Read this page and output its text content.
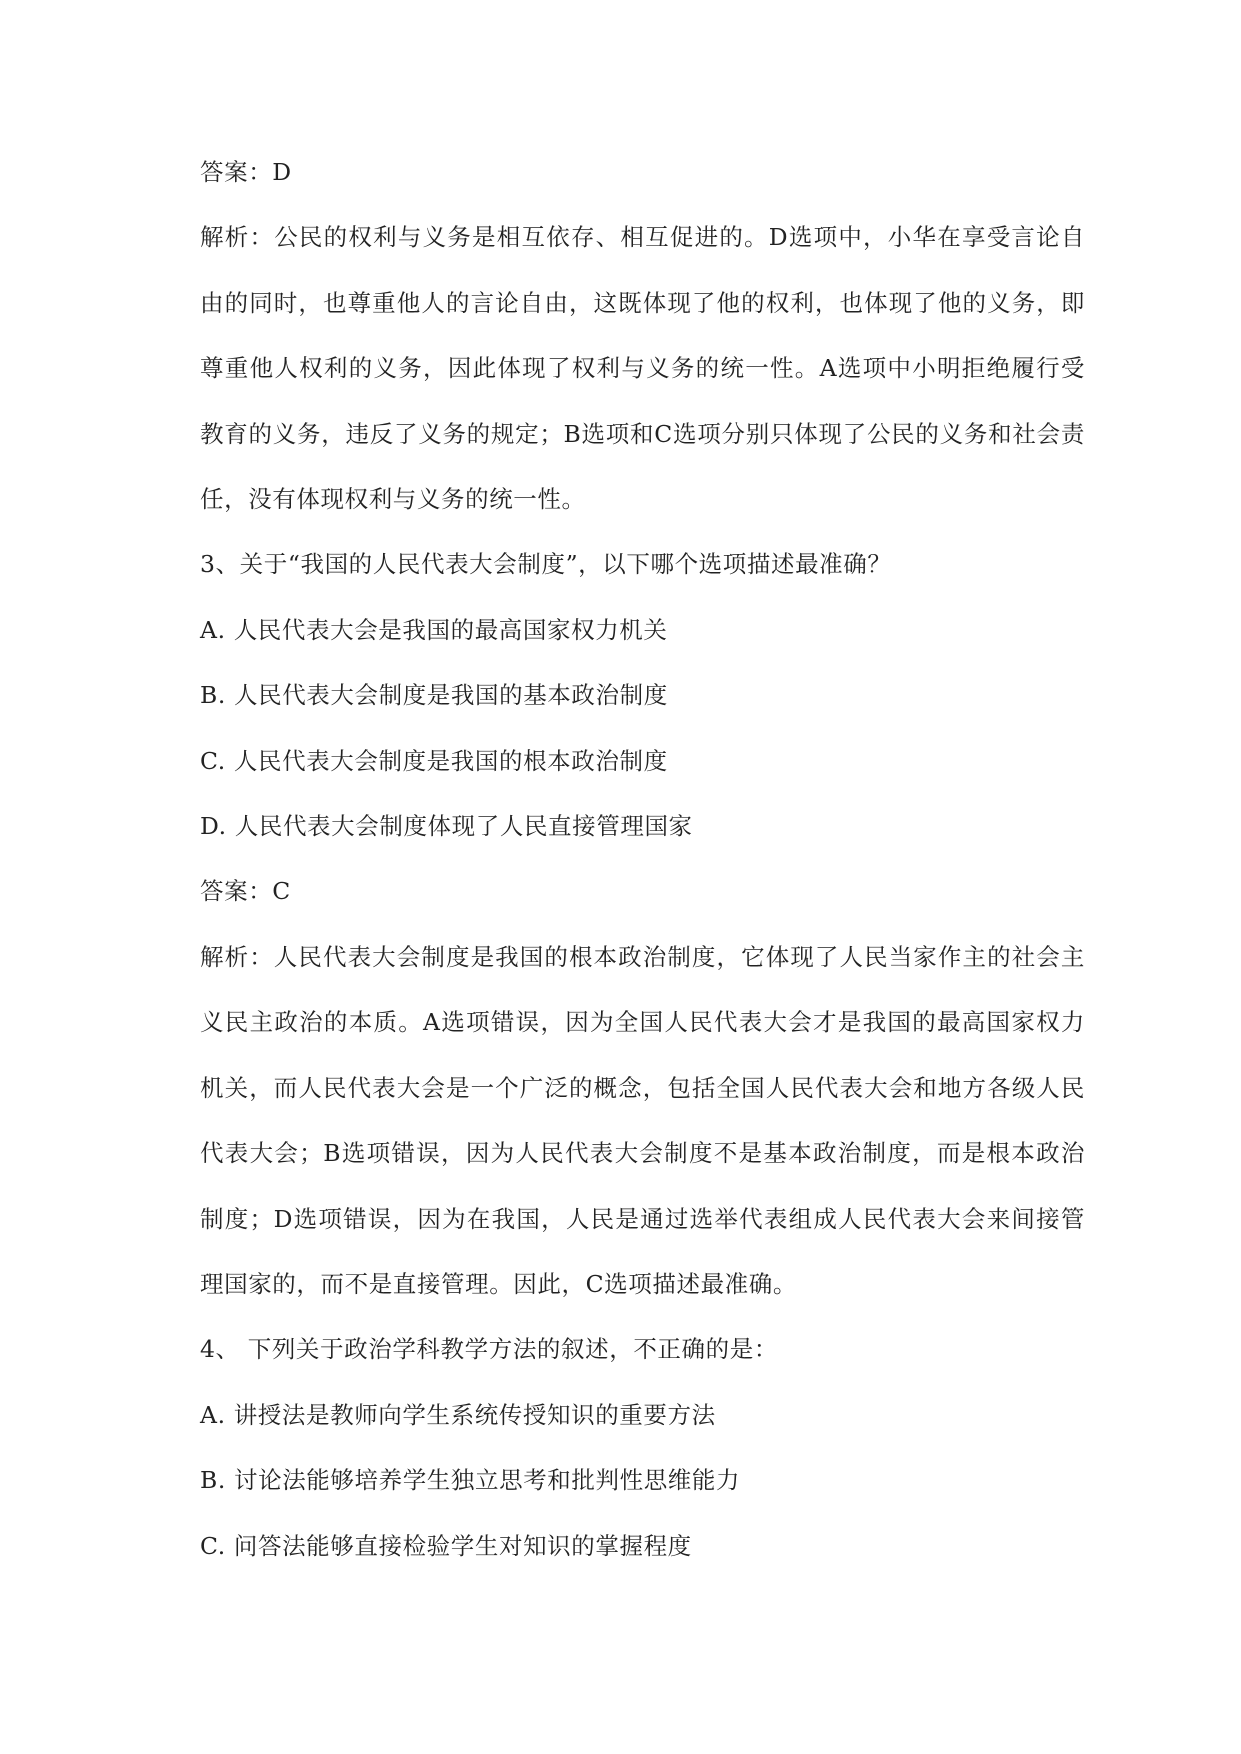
答案：D

解析：公民的权利与义务是相互依存、相互促进的。D选项中，小华在享受言论自由的同时，也尊重他人的言论自由，这既体现了他的权利，也体现了他的义务，即尊重他人权利的义务，因此体现了权利与义务的统一性。A选项中小明拒绝履行受教育的义务，违反了义务的规定；B选项和C选项分别只体现了公民的义务和社会责任，没有体现权利与义务的统一性。

3、关于“我国的人民代表大会制度”，以下哪个选项描述最准确？

A. 人民代表大会是我国的最高国家权力机关

B. 人民代表大会制度是我国的基本政治制度

C. 人民代表大会制度是我国的根本政治制度

D. 人民代表大会制度体现了人民直接管理国家

答案：C

解析：人民代表大会制度是我国的根本政治制度，它体现了人民当家作主的社会主义民主政治的本质。A选项错误，因为全国人民代表大会才是我国的最高国家权力机关，而人民代表大会是一个广泛的概念，包括全国人民代表大会和地方各级人民代表大会；B选项错误，因为人民代表大会制度不是基本政治制度，而是根本政治制度；D选项错误，因为在我国，人民是通过选举代表组成人民代表大会来间接管理国家的，而不是直接管理。因此，C选项描述最准确。

4、 下列关于政治学科教学方法的叙述，不正确的是：

A. 讲授法是教师向学生系统传授知识的重要方法

B. 讨论法能够培养学生独立思考和批判性思维能力

C. 问答法能够直接检验学生对知识的掌握程度
